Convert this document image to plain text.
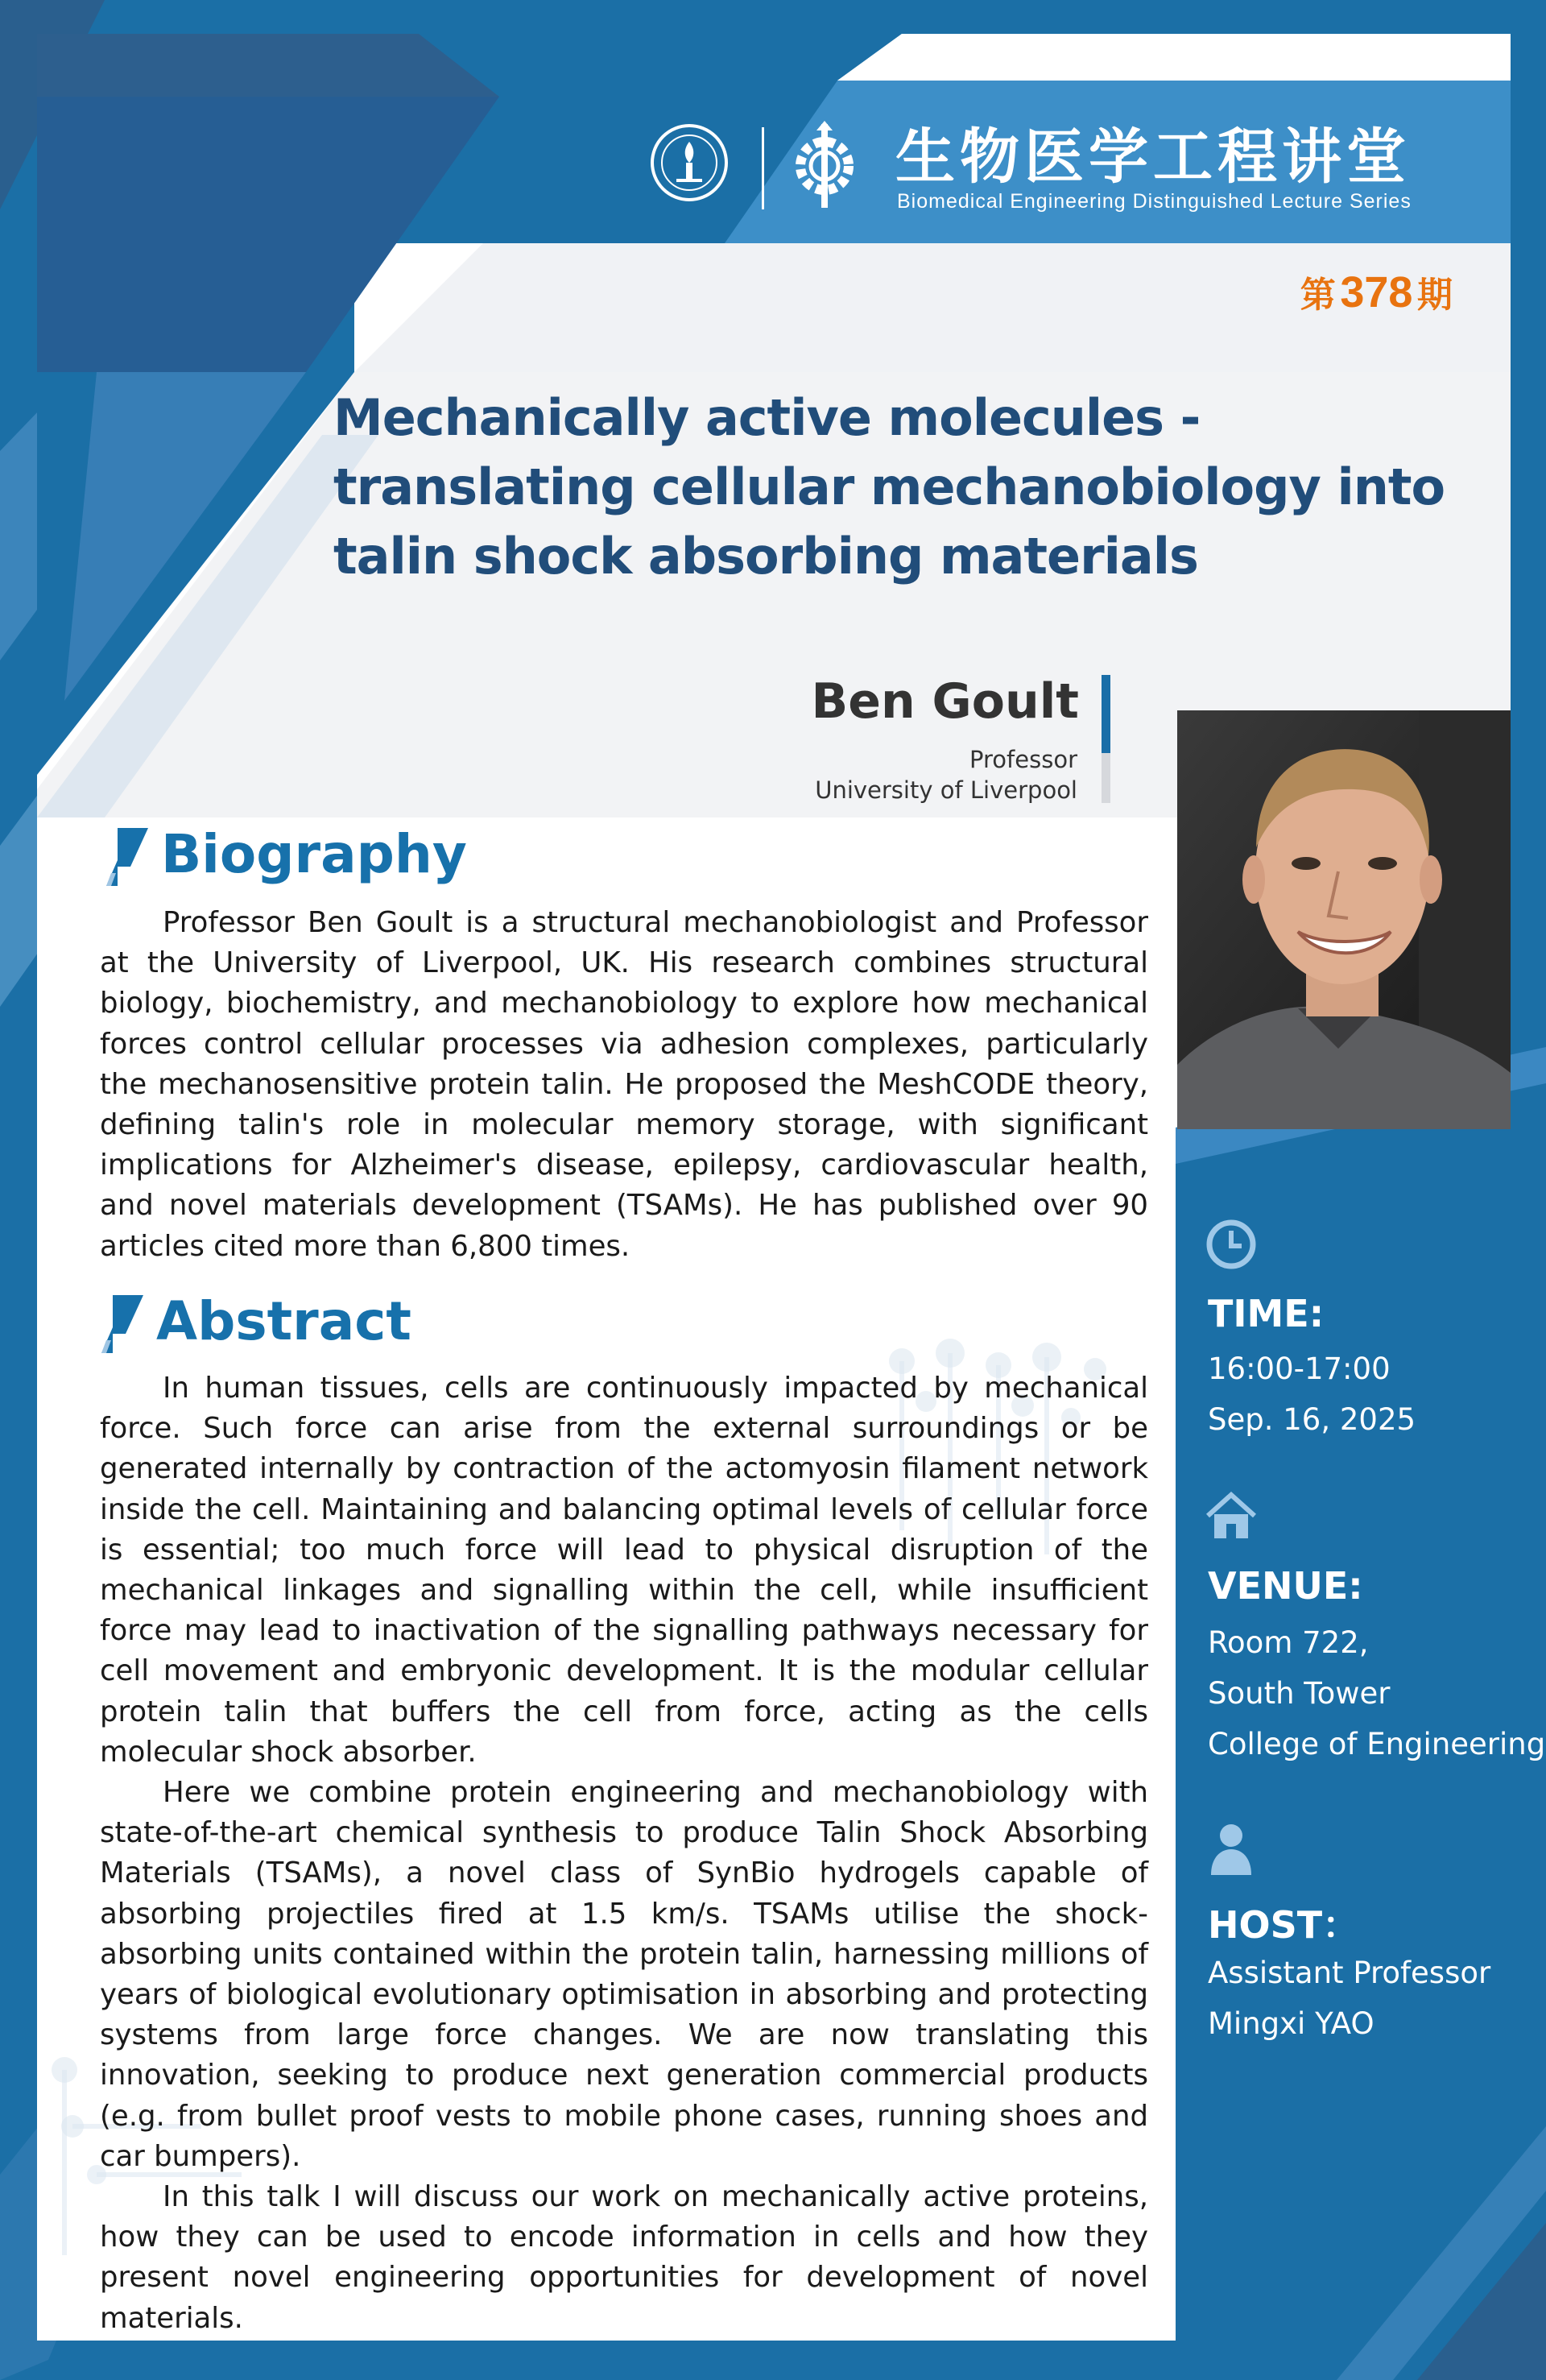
生物医学工程讲堂
Biomedical Engineering Distinguished Lecture Series
第 378 期
Mechanically active molecules -
translating cellular mechanobiology into
talin shock absorbing materials
Ben Goult
Professor
University of Liverpool
Biography

Professor Ben Goult is a structural mechanobiologist and Professor at the University of Liverpool, UK. His research combines structural biology, biochemistry, and mechanobiology to explore how mechanical forces control cellular processes via adhesion complexes, particularly the mechanosensitive protein talin. He proposed the MeshCODE theory, defining talin's role in molecular memory storage, with significant implications for Alzheimer's disease, epilepsy, cardiovascular health, and novel materials development (TSAMs). He has published over 90 articles cited more than 6,800 times.

Abstract

In human tissues, cells are continuously impacted by mechanical force. Such force can arise from the external surroundings or be generated internally by contraction of the actomyosin filament network inside the cell. Maintaining and balancing optimal levels of cellular force is essential; too much force will lead to physical disruption of the mechanical linkages and signalling within the cell, while insufficient force may lead to inactivation of the signalling pathways necessary for cell movement and embryonic development. It is the modular cellular protein talin that buffers the cell from force, acting as the cells molecular shock absorber.

Here we combine protein engineering and mechanobiology with state-of-the-art chemical synthesis to produce Talin Shock Absorbing Materials (TSAMs), a novel class of SynBio hydrogels capable of absorbing projectiles fired at 1.5 km/s. TSAMs utilise the shock-absorbing units contained within the protein talin, harnessing millions of years of biological evolutionary optimisation in absorbing and protecting systems from large force changes. We are now translating this innovation, seeking to produce next generation commercial products (e.g. from bullet proof vests to mobile phone cases, running shoes and car bumpers).

In this talk I will discuss our work on mechanically active proteins, how they can be used to encode information in cells and how they present novel engineering opportunities for development of novel materials.

TIME:
16:00-17:00
Sep. 16, 2025
VENUE:
Room 722,
South Tower
College of Engineering
HOST：
Assistant Professor
Mingxi YAO
